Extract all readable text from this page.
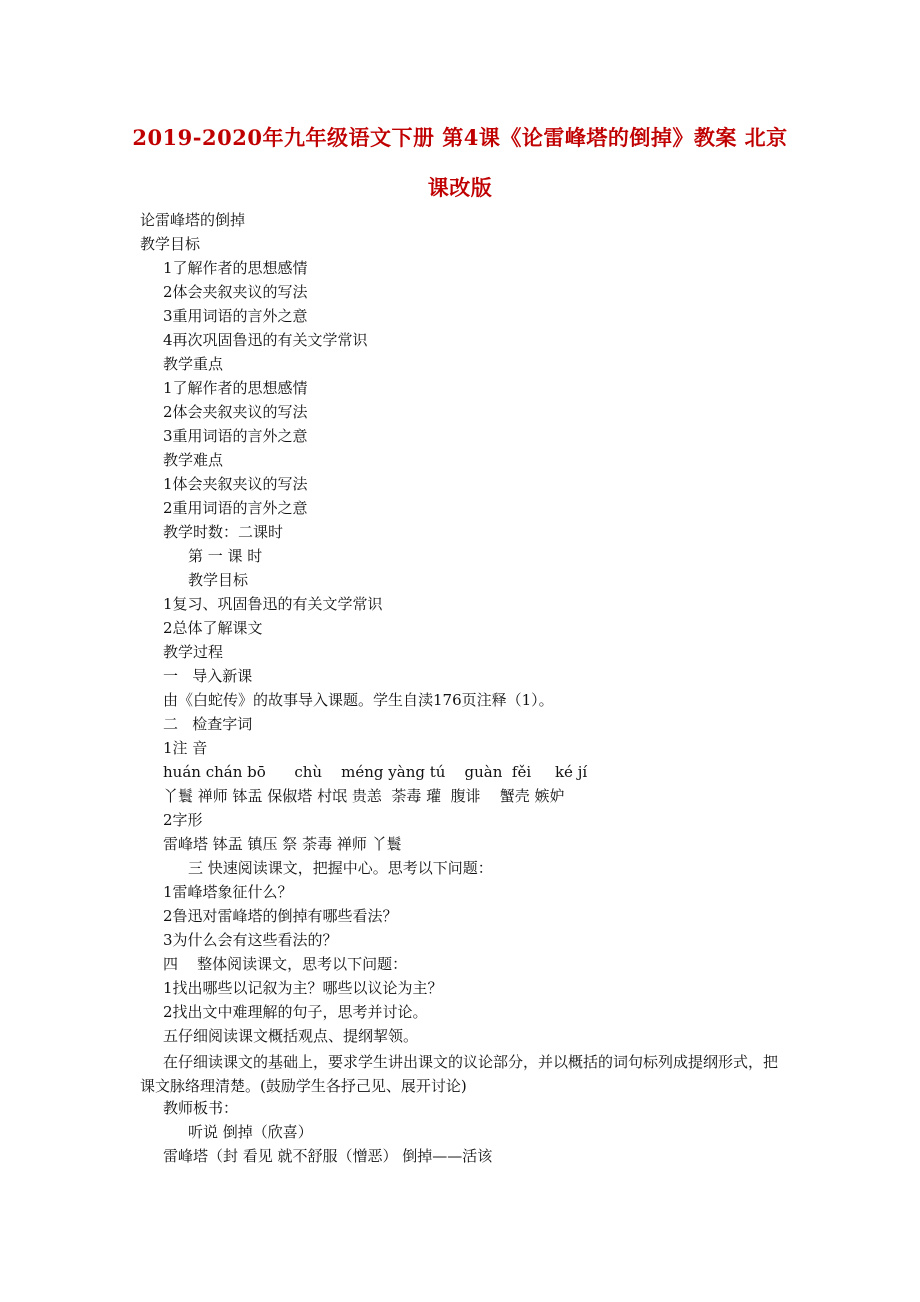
2019-2020年九年级语文下册 第4课《论雷峰塔的倒掉》教案 北京
课改版
论雷峰塔的倒掉
教学目标
1了解作者的思想感情
2体会夹叙夹议的写法
3重用词语的言外之意
4再次巩固鲁迅的有关文学常识
教学重点
1了解作者的思想感情
2体会夹叙夹议的写法
3重用词语的言外之意
教学难点
1体会夹叙夹议的写法
2重用词语的言外之意
教学时数：二课时
第 一 课 时
教学目标
1复习、巩固鲁迅的有关文学常识
2总体了解课文
教学过程
一   导入新课
由《白蛇传》的故事导入课题。学生自渎176页注释（1）。
二   检查字词
1注 音
huán chán bō      chù    méng yàng tú    guàn  fěi     ké jí
丫鬟 禅师 钵盂 保俶塔 村氓 贵恙  荼毒 瓘  腹诽    蟹壳 嫉妒
2字形
雷峰塔 钵盂 镇压 祭 荼毒 禅师 丫鬟
三 快速阅读课文，把握中心。思考以下问题：
1雷峰塔象征什么？
2鲁迅对雷峰塔的倒掉有哪些看法？
3为什么会有这些看法的？
四    整体阅读课文，思考以下问题：
1找出哪些以记叙为主？哪些以议论为主？
2找出文中难理解的句子，思考并讨论。
五仔细阅读课文概括观点、提纲挈领。
在仔细读课文的基础上，要求学生讲出课文的议论部分，并以概括的词句标列成提纲形式，把课文脉络理清楚。(鼓励学生各抒己见、展开讨论)
教师板书：
听说 倒掉（欣喜）
雷峰塔（封 看见 就不舒服（憎恶） 倒掉——活该
